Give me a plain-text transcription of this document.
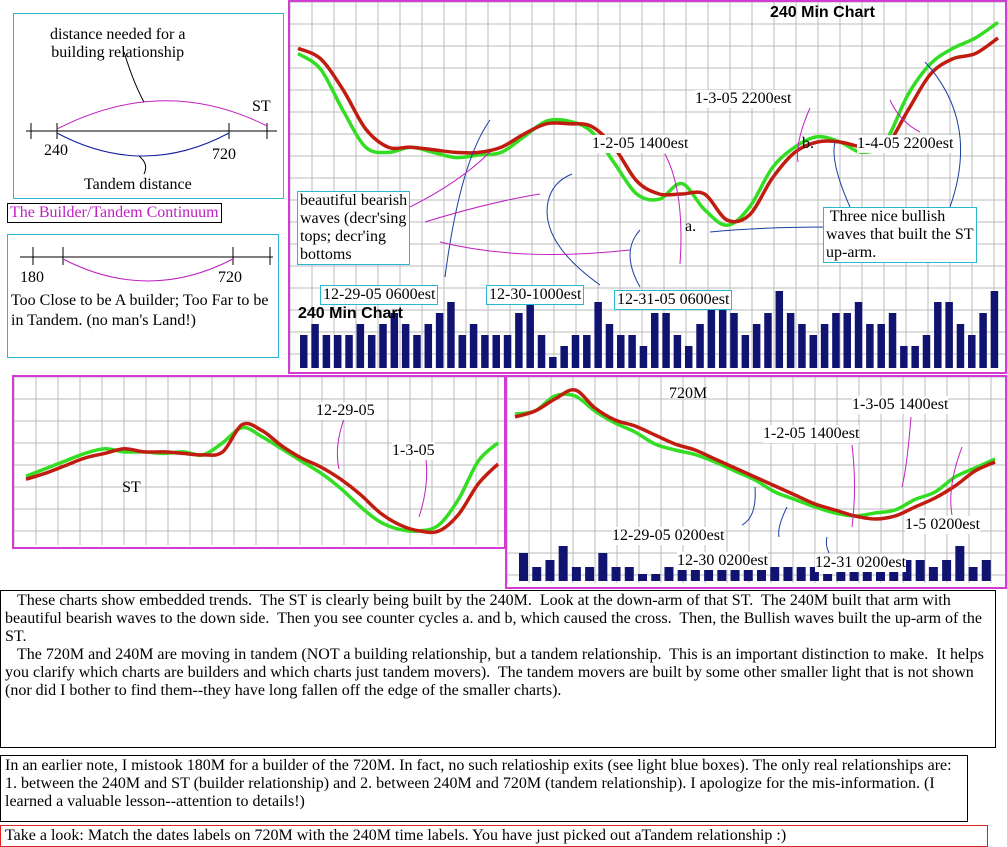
distance needed for a
building relationship
ST
240	720
Tandem distance
The Builder/Tandem Continuum
180	720
Too Close to be A builder; Too Far to be in Tandem. (no man's Land!)
240 Min Chart
240 Min Chart
1-3-05 2200est
1-2-05 1400est	b.	1-4-05 2200est
a.
beautiful bearish
waves (decr'sing
tops; decr'ing
bottoms
Three nice bullish
waves that built the ST
up-arm.
12-29-05 0600est	12-30-1000est 12-31-05 0600est
ST
12-29-05
1-3-05
720M
1-3-05 1400est
1-2-05 1400est
12-29-05 0200est
1-5 0200est
12-30 0200est	12-31 0200est
These charts show embedded trends.  The ST is clearly being built by the 240M.  Look at the down-arm of that ST.  The 240M built that arm with beautiful bearish waves to the down side.  Then you see counter cycles a. and b, which caused the cross.  Then, the Bullish waves built the up-arm of the ST.
The 720M and 240M are moving in tandem (NOT a building relationship, but a tandem relationship.  This is an important distinction to make.  It helps you clarify which charts are builders and which charts just tandem movers).  The tandem movers are built by some other smaller light that is not shown (nor did I bother to find them--they have long fallen off the edge of the smaller charts).
In an earlier note, I mistook 180M for a builder of the 720M. In fact, no such relatioship exits (see light blue boxes). The only real relationships are: 1. between the 240M and ST (builder relationship) and 2. between 240M and 720M (tandem relationship). I apologize for the mis-information. (I learned a valuable lesson--attention to details!)
Take a look: Match the dates labels on 720M with the 240M time labels. You have just picked out aTandem relationship :)
